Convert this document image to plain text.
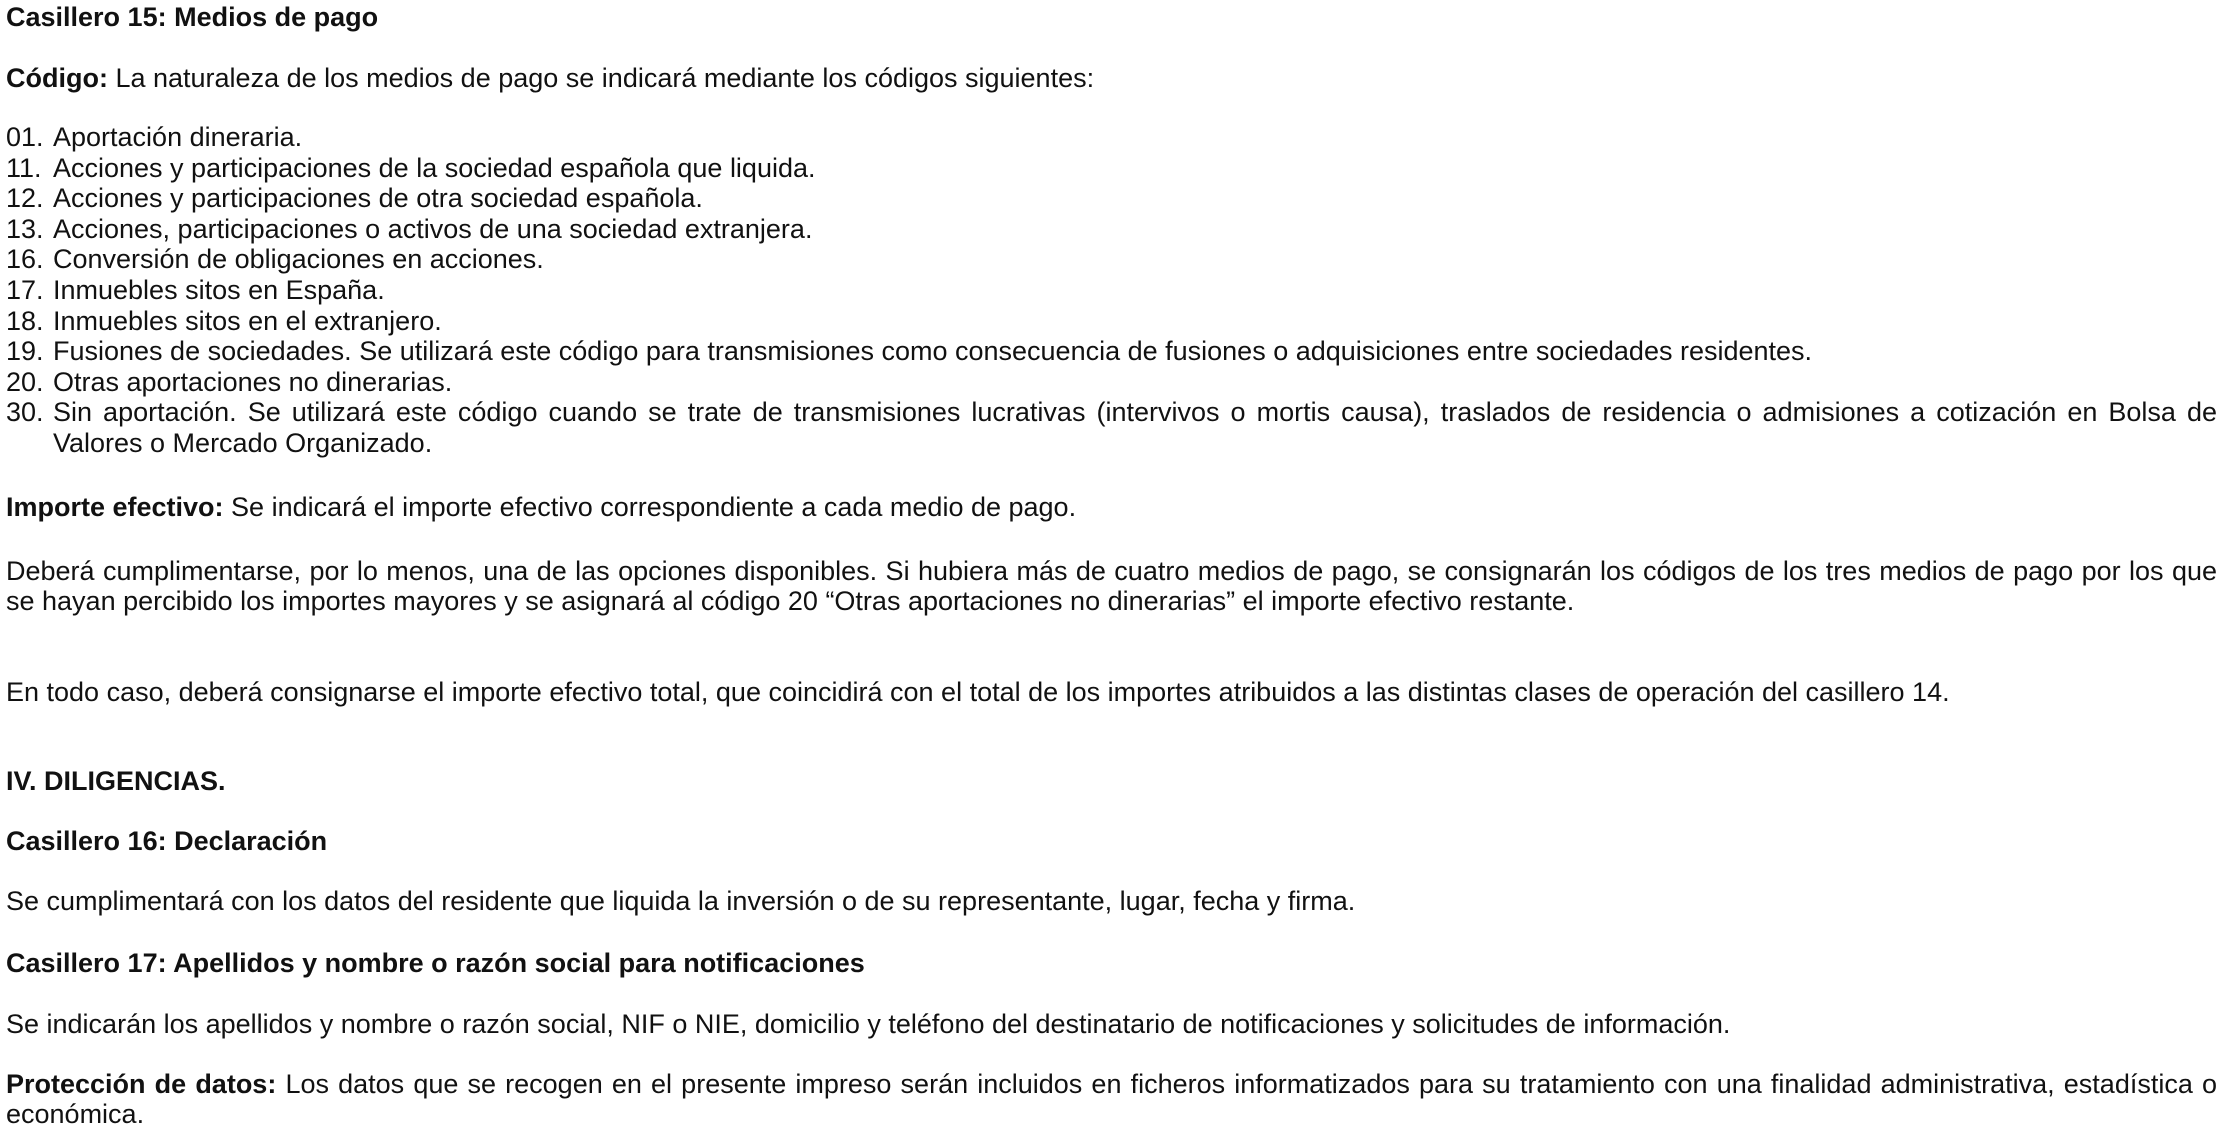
Casillero 15: Medios de pago
Código: La naturaleza de los medios de pago se indicará mediante los códigos siguientes:
01. Aportación dineraria.
11. Acciones y participaciones de la sociedad española que liquida.
12. Acciones y participaciones de otra sociedad española.
13. Acciones, participaciones o activos de una sociedad extranjera.
16. Conversión de obligaciones en acciones.
17. Inmuebles sitos en España.
18. Inmuebles sitos en el extranjero.
19. Fusiones de sociedades. Se utilizará este código para transmisiones como consecuencia de fusiones o adquisiciones entre sociedades residentes.
20. Otras aportaciones no dinerarias.
30. Sin aportación. Se utilizará este código cuando se trate de transmisiones lucrativas (intervivos o mortis causa), traslados de residencia o admisiones a cotización en Bolsa de Valores o Mercado Organizado.
Importe efectivo: Se indicará el importe efectivo correspondiente a cada medio de pago.
Deberá cumplimentarse, por lo menos, una de las opciones disponibles. Si hubiera más de cuatro medios de pago, se consignarán los códigos de los tres medios de pago por los que se hayan percibido los importes mayores y se asignará al código 20 “Otras aportaciones no dinerarias” el importe efectivo restante.
En todo caso, deberá consignarse el importe efectivo total, que coincidirá con el total de los importes atribuidos a las distintas clases de operación del casillero 14.
IV. DILIGENCIAS.
Casillero 16: Declaración
Se cumplimentará con los datos del residente que liquida la inversión o de su representante, lugar, fecha y firma.
Casillero 17: Apellidos y nombre o razón social para notificaciones
Se indicarán los apellidos y nombre o razón social, NIF o NIE, domicilio y teléfono del destinatario de notificaciones y solicitudes de información.
Protección de datos: Los datos que se recogen en el presente impreso serán incluidos en ficheros informatizados para su tratamiento con una finalidad administrativa, estadística o económica.
